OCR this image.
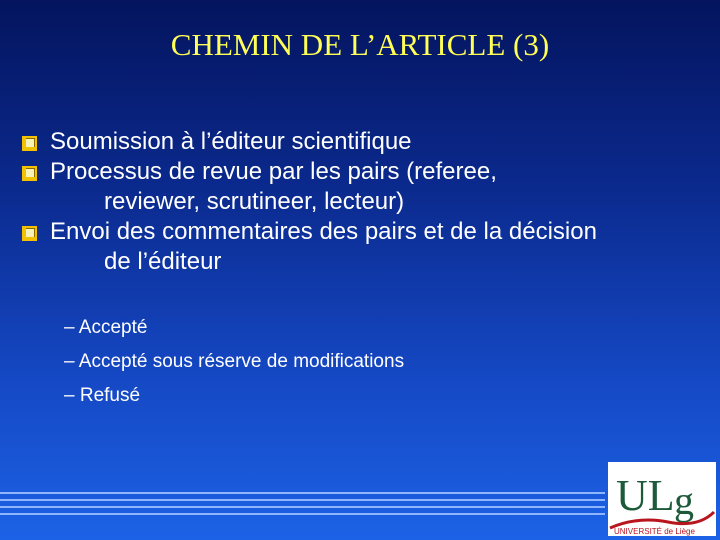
CHEMIN DE L’ARTICLE (3)
Soumission à l’éditeur scientifique
Processus de revue par les pairs (referee,
reviewer, scrutineer, lecteur)
Envoi des commentaires des pairs et de la décision
de l’éditeur
– Accepté
– Accepté sous réserve de modifications
– Refusé
UL g
UNIVERSITÉ de Liège
